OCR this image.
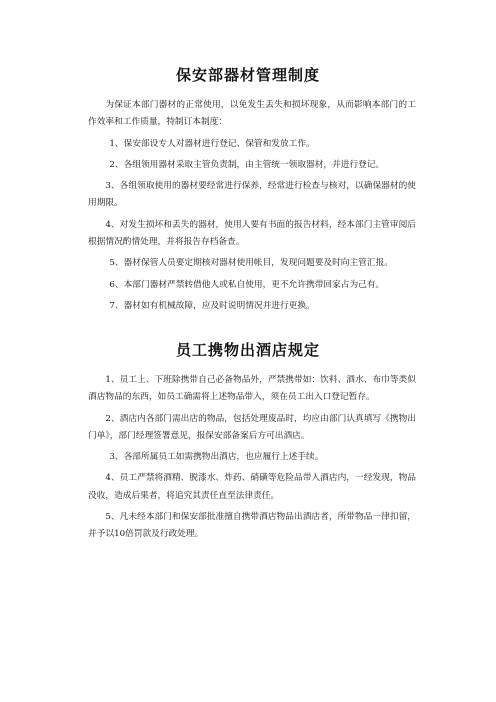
保安部器材管理制度

为保证本部门器材的正常使用，以免发生丢失和损坏现象，从而影响本部门的工作效率和工作质量，特制订本制度：

1、保安部设专人对器材进行登记、保管和发放工作。

2、各组领用器材采取主管负责制，由主管统一领取器材，并进行登记。

3、各组领取使用的器材要经常进行保养，经常进行检查与核对，以确保器材的使用期限。

4、对发生损坏和丢失的器材，使用人要有书面的报告材料，经本部门主管审阅后根据情况酌情处理，并将报告存档备查。

5、器材保管人员要定期核对器材使用帐目，发现问题要及时向主管汇报。

6、本部门器材严禁转借他人或私自使用，更不允许携带回家占为己有。

7、器材如有机械故障，应及时说明情况并进行更换。

员工携物出酒店规定

1、员工上、下班除携带自己必备物品外，严禁携带如：饮料、酒水、布巾等类似酒店物品的东西，如员工确需将上述物品带入，须在员工出入口登记暂存。

2、酒店内各部门需出店的物品，包括处理废品时，均应由部门认真填写《携物出门单》，部门经理签署意见，报保安部备案后方可出酒店。

3、各部所属员工如需携物出酒店，也应履行上述手续。

4、员工严禁将酒精、脱漆水、炸药、硝磺等危险品带入酒店内，一经发现，物品没收，造成后果者，将追究其责任直至法律责任。

5、凡未经本部门和保安部批准擅自携带酒店物品出酒店者，所带物品一律扣留，并予以10倍罚款及行政处理。
